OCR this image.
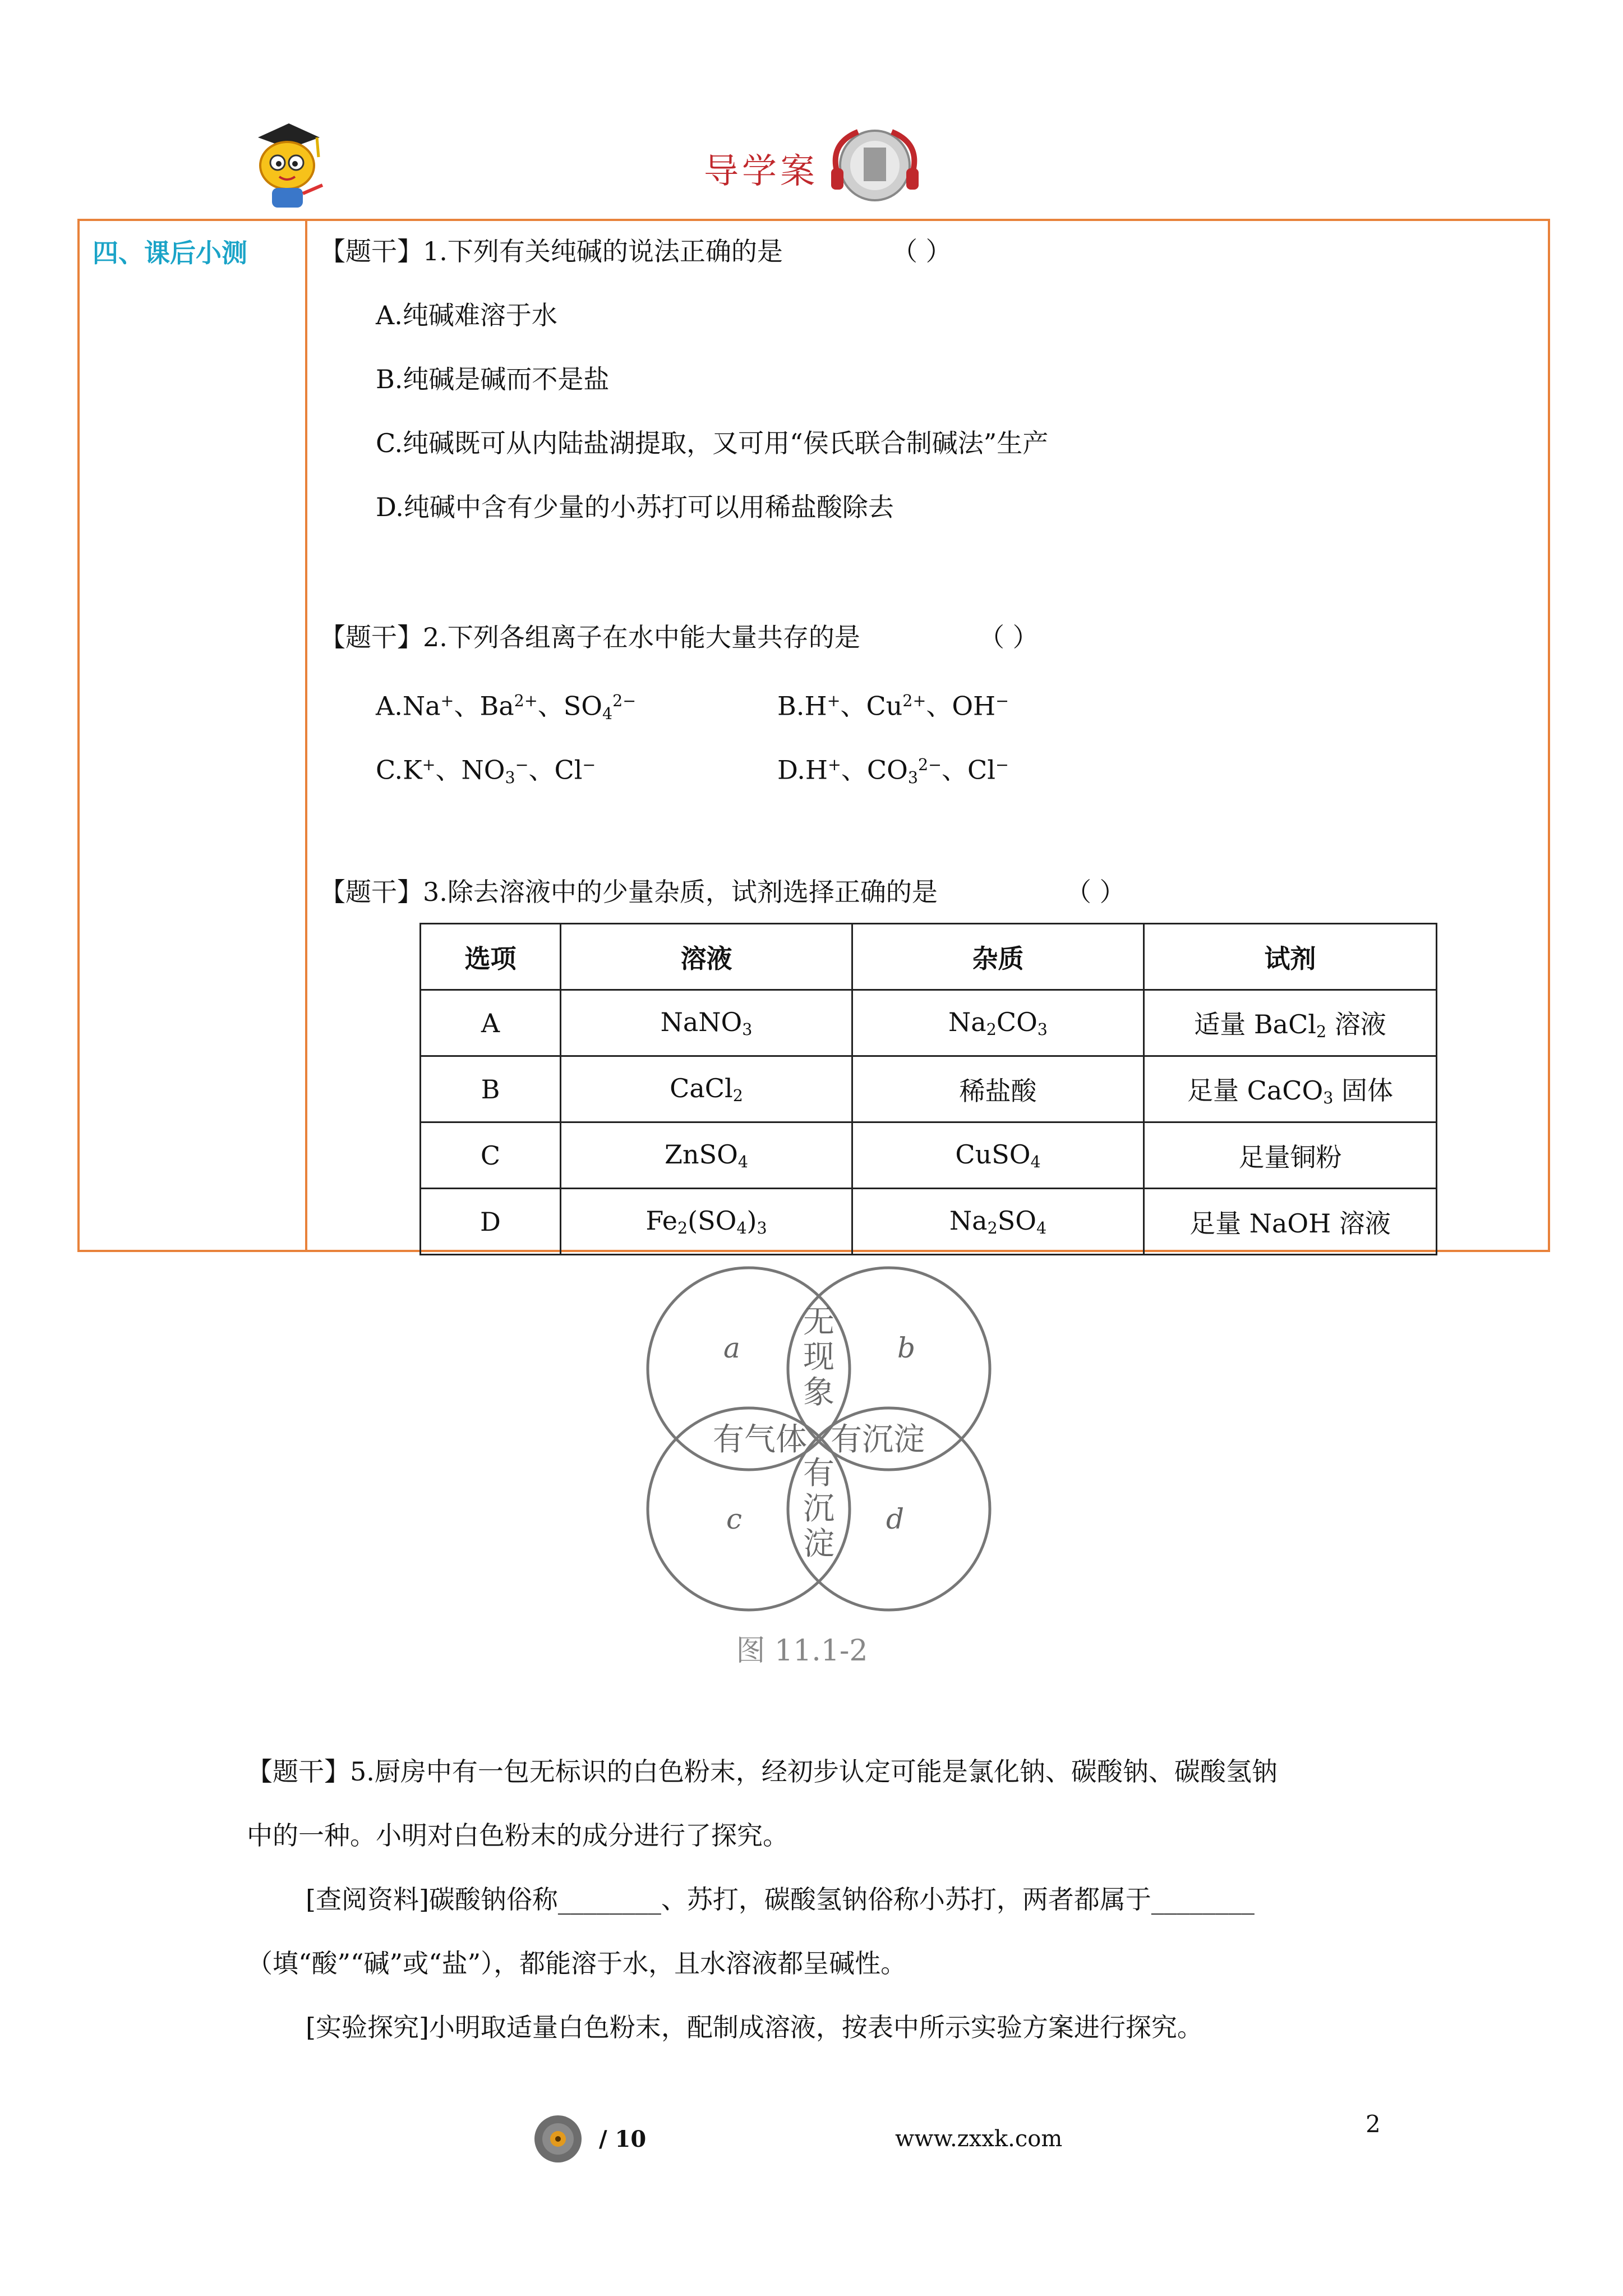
导学案
四、课后小测	【题干】1.下列有关纯碱的说法正确的是	（ ）
A.纯碱难溶于水
B.纯碱是碱而不是盐
C.纯碱既可从内陆盐湖提取，又可用“侯氏联合制碱法”生产
D.纯碱中含有少量的小苏打可以用稀盐酸除去
【题干】2.下列各组离子在水中能大量共存的是	（ ）
A.Na+、$Ba^{2+}$、$SO_4^{2-}$	B.H+、$Cu^{2+}$、OH−
C.K+、$NO_3^-$、Cl−	D.H+、$CO_3^{2-}$、Cl−
【题干】3.除去溶液中的少量杂质，试剂选择正确的是	（ ）
选项	溶液	杂质	试剂
A	NaNO$_3$	$Na_2CO_3$	适量 BaCl$_2$ 溶液
B	CaCl$_2$	稀盐酸	足量 CaCO$_3$ 固体
C	ZnSO$_4$	CuSO$_4$	足量铜粉
D	$Fe_2(SO_4)_3$	$Na_2SO_4$	足量 NaOH 溶液
a	b
c	d
无
现
象
有气体 有沉淀
有
沉
淀
图 11.1-2
【题干】5.厨房中有一包无标识的白色粉末，经初步认定可能是氯化钠、碳酸钠、碳酸氢钠
中的一种。小明对白色粉末的成分进行了探究。
[查阅资料]碳酸钠俗称________、苏打，碳酸氢钠俗称小苏打，两者都属于________
（填“酸”“碱”或“盐”），都能溶于水，且水溶液都呈碱性。
[实验探究]小明取适量白色粉末，配制成溶液，按表中所示实验方案进行探究。
/ 10	www.zxxk.com
2
